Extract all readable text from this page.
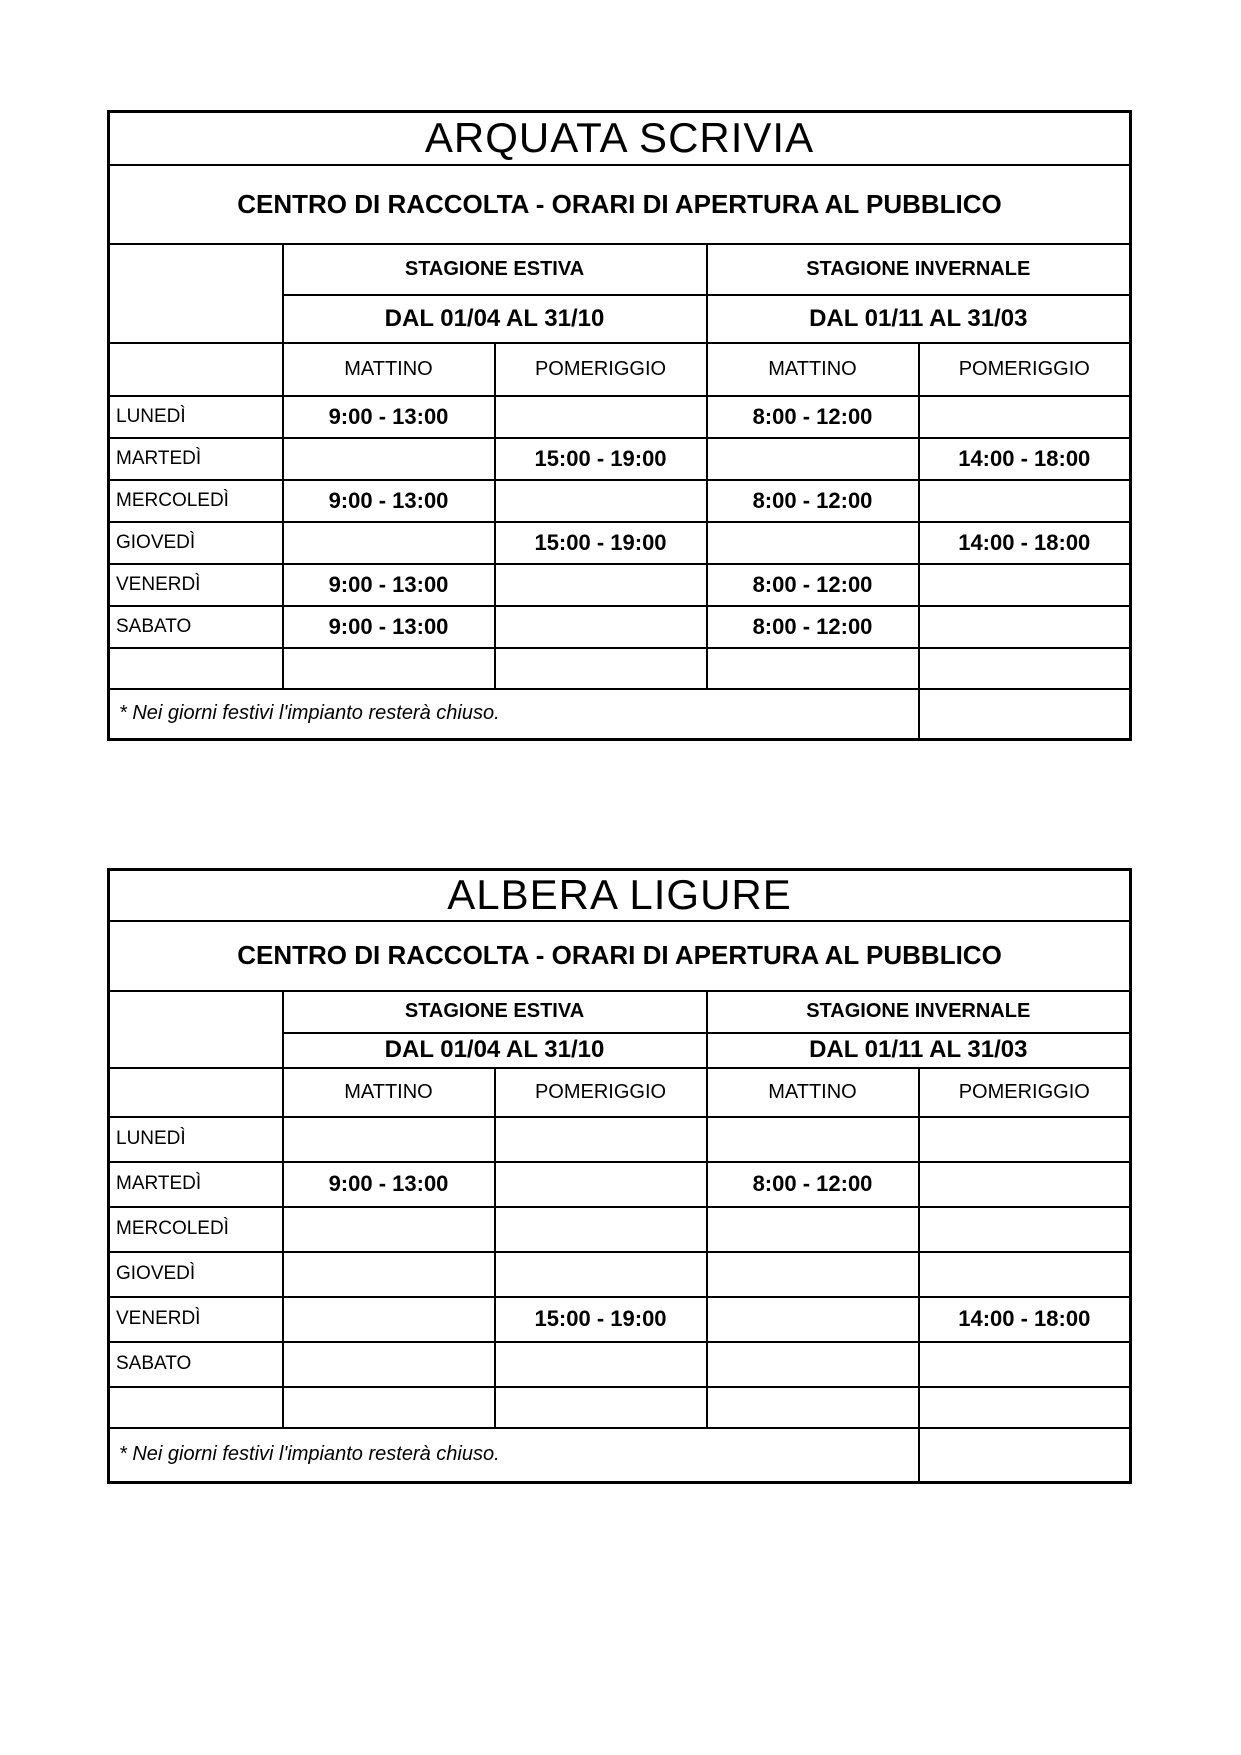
ARQUATA SCRIVIA				
CENTRO DI RACCOLTA - ORARI DI APERTURA AL PUBBLICO				
	STAGIONE ESTIVA		STAGIONE INVERNALE	
	DAL 01/04 AL 31/10		DAL 01/11 AL 31/03	
	MATTINO	POMERIGGIO	MATTINO	POMERIGGIO
LUNEDÌ	9:00 - 13:00		8:00 - 12:00	
MARTEDÌ		15:00 - 19:00		14:00 - 18:00
MERCOLEDÌ	9:00 - 13:00		8:00 - 12:00	
GIOVEDÌ		15:00 - 19:00		14:00 - 18:00
VENERDÌ	9:00 - 13:00		8:00 - 12:00	
SABATO	9:00 - 13:00		8:00 - 12:00	

* Nei giorni festivi l'impianto resterà chiuso.				
ALBERA LIGURE				
CENTRO DI RACCOLTA - ORARI DI APERTURA AL PUBBLICO				
	STAGIONE ESTIVA		STAGIONE INVERNALE	
	DAL 01/04 AL 31/10		DAL 01/11 AL 31/03	
	MATTINO	POMERIGGIO	MATTINO	POMERIGGIO
LUNEDÌ				
MARTEDÌ	9:00 - 13:00		8:00 - 12:00	
MERCOLEDÌ				
GIOVEDÌ				
VENERDÌ		15:00 - 19:00		14:00 - 18:00
SABATO				

* Nei giorni festivi l'impianto resterà chiuso.				
